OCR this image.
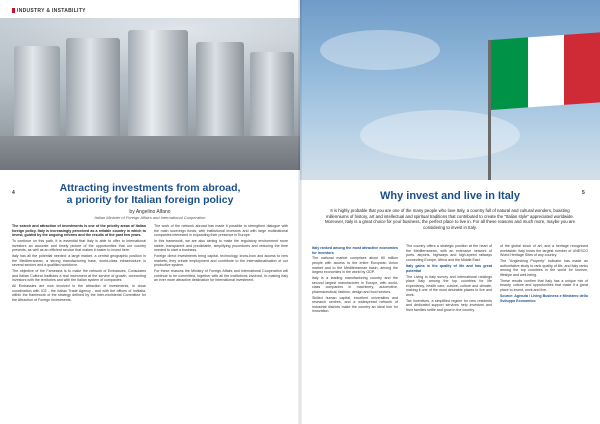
INDUSTRY & INSTABILITY
4	Attracting investments from abroad,
a priority for Italian foreign policy
by Angelino Alfano
Italian Minister of Foreign Affairs and International Cooperation

The search and attraction of investments is one of the priority areas of Italian foreign policy. Italy is increasingly perceived as a reliable country in which to invest, guided by the ongoing reforms and the results of the past few years.

To continue on this path, it is essential that Italy is able to offer to international investors an accurate and timely picture of the opportunities that our country presents, as well as an efficient service that makes it easier to invest here.

Italy has all the potential needed: a large market, a central geographic position in the Mediterranean, a strong manufacturing base, world-class infrastructure in several sectors and a qualified workforce.

The objective of the Farnesina is to make the network of Embassies, Consulates and Italian Cultural Institutes a real instrument at the service of growth, connecting investors with the territories and with the Italian system of companies.

All Embassies are now involved in the attraction of investments, in close coordination with ICE - the Italian Trade Agency - and with the offices of Invitalia, within the framework of the strategy defined by the Inter-ministerial Committee for the Attraction of Foreign Investments.

The work of the network abroad has made it possible to strengthen dialogue with the main sovereign funds, with institutional investors and with large multinational companies interested in expanding their presence in Europe.

In this framework, we are also aiming to make the regulatory environment more stable, transparent and predictable, simplifying procedures and reducing the time needed to start a business.

Foreign direct investments bring capital, technology, know-how and access to new markets; they create employment and contribute to the internationalisation of our productive system.

For these reasons the Ministry of Foreign Affairs and International Cooperation will continue to be committed, together with all the institutions involved, to making Italy an ever more attractive destination for international investment.

5
Why invest and live in Italy
It is highly probable that you are one of the many people who love Italy, a country full of natural and cultural wonders, boasting millenniums of history, art and intellectual and spiritual traditions that contributed to create the "Italian style" appreciated worldwide. Moreover, Italy is a great choice for your business, the perfect place to live in. For all these reasons and much more, maybe you are considering to invest in Italy.

Italy ranked among the most attractive economies for investors

The national market comprises about 60 million people with access to the entire European Union market and to the Mediterranean basin, among the largest economies in the world by GDP.

Italy is a leading manufacturing country and the second largest manufacturer in Europe, with world-class companies in machinery, automotive, pharmaceutical, fashion, design and food sectors.

Skilled human capital, excellent universities and research centres, and a widespread network of industrial districts make the country an ideal hub for innovation.

The country offers a strategic position at the heart of the Mediterranean, with an extensive network of ports, airports, highways and high-speed railways connecting Europe, Africa and the Middle East.

Italy gains in the quality of life and has great potential

The Living in Italy survey and international rankings place Italy among the top countries for life expectancy, health care, cuisine, culture and climate, making it one of the most desirable places to live and work.

Tax incentives, a simplified regime for new residents and dedicated support services help investors and their families settle and grow in the country.

of the global stock of art, and a heritage recognised worldwide: Italy hosts the largest number of UNESCO World Heritage Sites of any country.

The "Anglesblog Property" indicator has made an authoritative study to rank quality of life, and Italy ranks among the top countries in the world for tourism, lifestyle and well-being.

These results confirm that Italy has a unique mix of beauty, culture and opportunities that make it a great place to invest, work and live.

Source: Agenzia / Living Business e Ministero dello Sviluppo Economico
